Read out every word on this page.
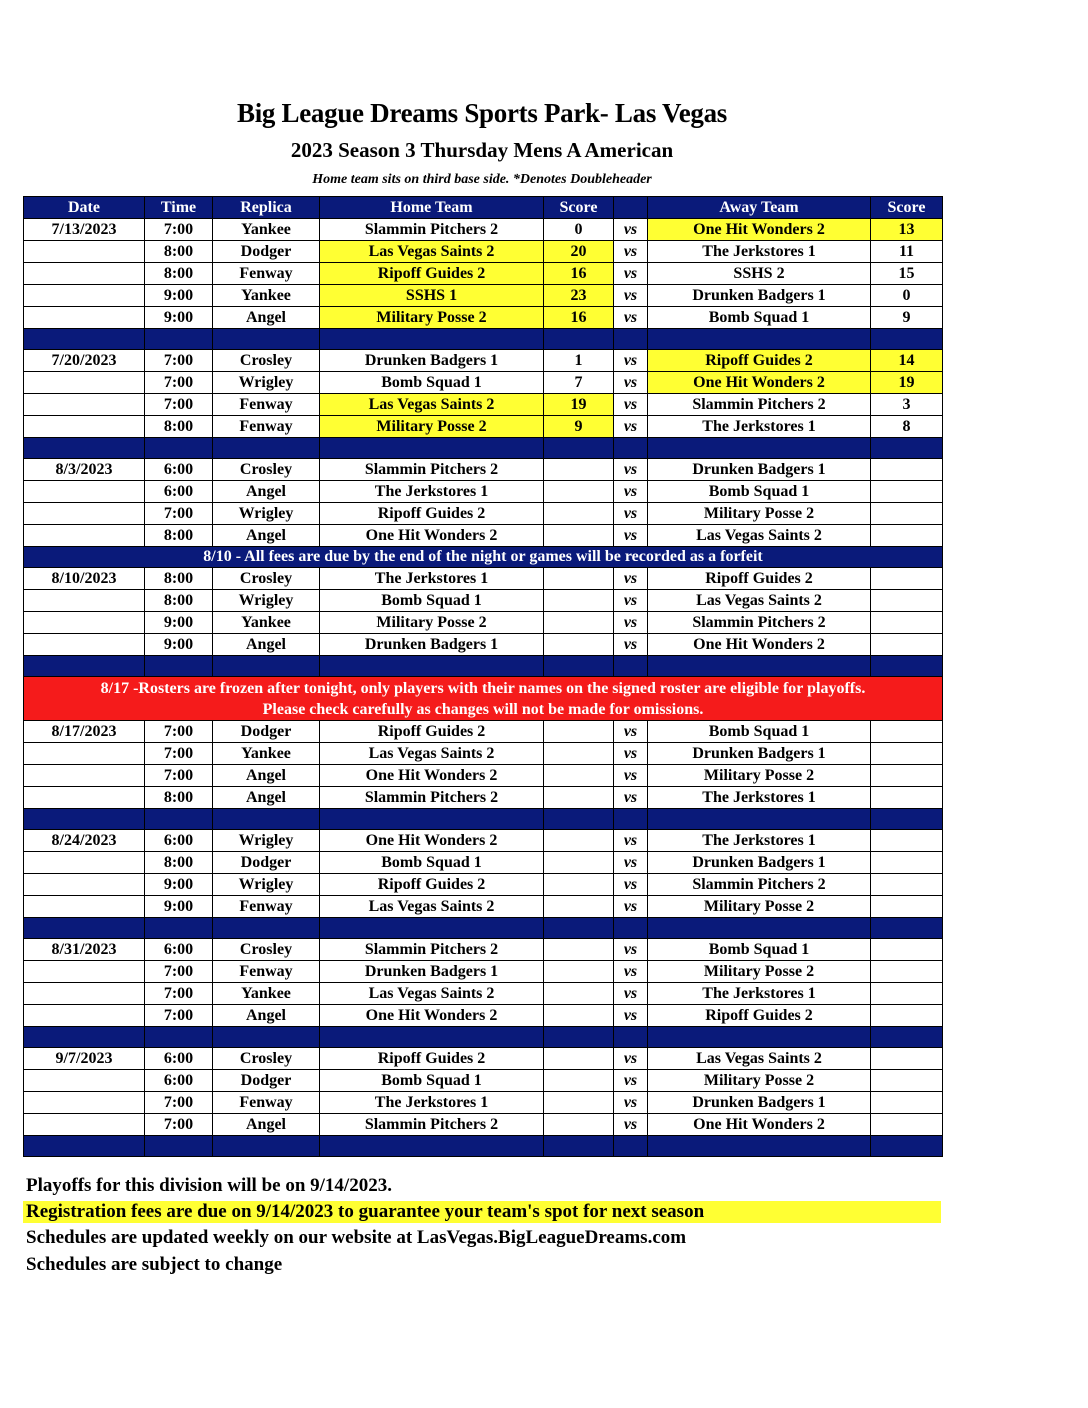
Big League Dreams Sports Park- Las Vegas
2023 Season 3 Thursday Mens A American
Home team sits on third base side. *Denotes Doubleheader
Date	Time	Replica	Home Team	Score		Away Team	Score
7/13/2023	7:00	Yankee	Slammin Pitchers 2	0	vs	One Hit Wonders 2	13
	8:00	Dodger	Las Vegas Saints 2	20	vs	The Jerkstores 1	11
	8:00	Fenway	Ripoff Guides 2	16	vs	SSHS 2	15
	9:00	Yankee	SSHS 1	23	vs	Drunken Badgers 1	0
	9:00	Angel	Military Posse 2	16	vs	Bomb Squad 1	9

7/20/2023	7:00	Crosley	Drunken Badgers 1	1	vs	Ripoff Guides 2	14
	7:00	Wrigley	Bomb Squad 1	7	vs	One Hit Wonders 2	19
	7:00	Fenway	Las Vegas Saints 2	19	vs	Slammin Pitchers 2	3
	8:00	Fenway	Military Posse 2	9	vs	The Jerkstores 1	8

8/3/2023	6:00	Crosley	Slammin Pitchers 2		vs	Drunken Badgers 1	
	6:00	Angel	The Jerkstores 1		vs	Bomb Squad 1	
	7:00	Wrigley	Ripoff Guides 2		vs	Military Posse 2	
	8:00	Angel	One Hit Wonders 2		vs	Las Vegas Saints 2	
8/10 - All fees are due by the end of the night or games will be recorded as a forfeit							
8/10/2023	8:00	Crosley	The Jerkstores 1		vs	Ripoff Guides 2	
	8:00	Wrigley	Bomb Squad 1		vs	Las Vegas Saints 2	
	9:00	Yankee	Military Posse 2		vs	Slammin Pitchers 2	
	9:00	Angel	Drunken Badgers 1		vs	One Hit Wonders 2	

8/17 -Rosters are frozen after tonight, only players with their names on the signed roster are eligible for playoffs.
Please check carefully as changes will not be made for omissions.							

8/17/2023	7:00	Dodger	Ripoff Guides 2		vs	Bomb Squad 1	
	7:00	Yankee	Las Vegas Saints 2		vs	Drunken Badgers 1	
	7:00	Angel	One Hit Wonders 2		vs	Military Posse 2	
	8:00	Angel	Slammin Pitchers 2		vs	The Jerkstores 1	

8/24/2023	6:00	Wrigley	One Hit Wonders 2		vs	The Jerkstores 1	
	8:00	Dodger	Bomb Squad 1		vs	Drunken Badgers 1	
	9:00	Wrigley	Ripoff Guides 2		vs	Slammin Pitchers 2	
	9:00	Fenway	Las Vegas Saints 2		vs	Military Posse 2	

8/31/2023	6:00	Crosley	Slammin Pitchers 2		vs	Bomb Squad 1	
	7:00	Fenway	Drunken Badgers 1		vs	Military Posse 2	
	7:00	Yankee	Las Vegas Saints 2		vs	The Jerkstores 1	
	7:00	Angel	One Hit Wonders 2		vs	Ripoff Guides 2	

9/7/2023	6:00	Crosley	Ripoff Guides 2		vs	Las Vegas Saints 2	
	6:00	Dodger	Bomb Squad 1		vs	Military Posse 2	
	7:00	Fenway	The Jerkstores 1		vs	Drunken Badgers 1	
	7:00	Angel	Slammin Pitchers 2		vs	One Hit Wonders 2	

Playoffs for this division will be on 9/14/2023.
Registration fees are due on 9/14/2023 to guarantee your team's spot for next season
Schedules are updated weekly on our website at LasVegas.BigLeagueDreams.com
Schedules are subject to change
